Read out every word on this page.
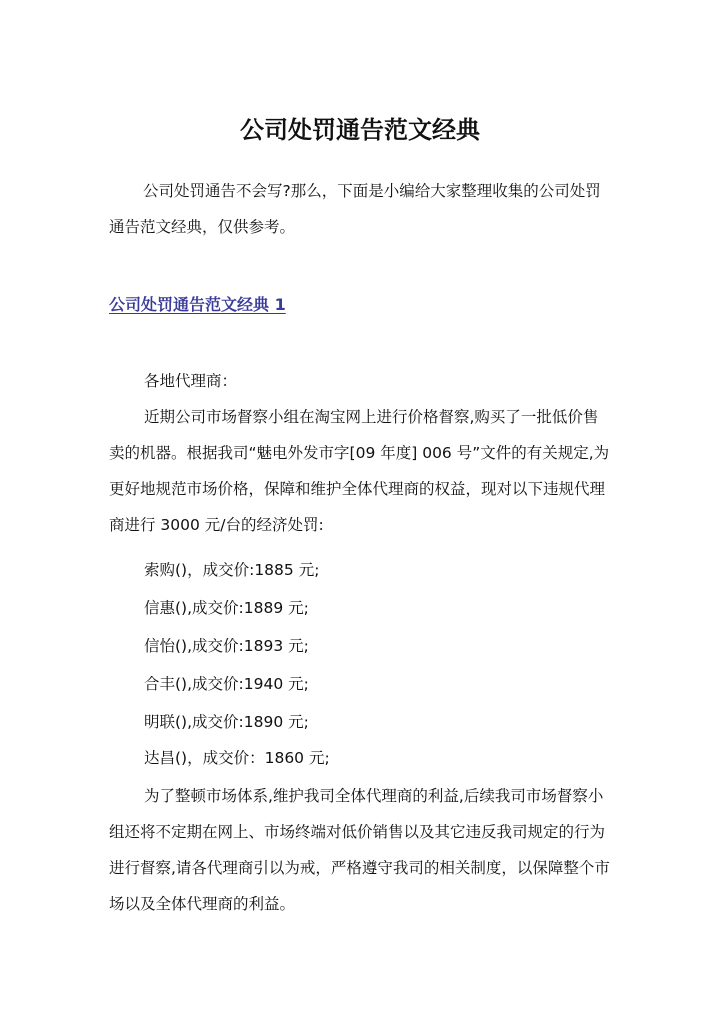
公司处罚通告范文经典
公司处罚通告不会写?那么，下面是小编给大家整理收集的公司处罚通告范文经典，仅供参考。
公司处罚通告范文经典 1
各地代理商：
近期公司市场督察小组在淘宝网上进行价格督察,购买了一批低价售卖的机器。根据我司“魅电外发市字[09 年度] 006 号”文件的有关规定,为更好地规范市场价格，保障和维护全体代理商的权益，现对以下违规代理商进行 3000 元/台的经济处罚:
索购()，成交价:1885 元;
信惠(),成交价:1889 元;
信怡(),成交价:1893 元;
合丰(),成交价:1940 元;
明联(),成交价:1890 元;
达昌()，成交价：1860 元;
为了整顿市场体系,维护我司全体代理商的利益,后续我司市场督察小组还将不定期在网上、市场终端对低价销售以及其它违反我司规定的行为进行督察,请各代理商引以为戒，严格遵守我司的相关制度，以保障整个市场以及全体代理商的利益。
